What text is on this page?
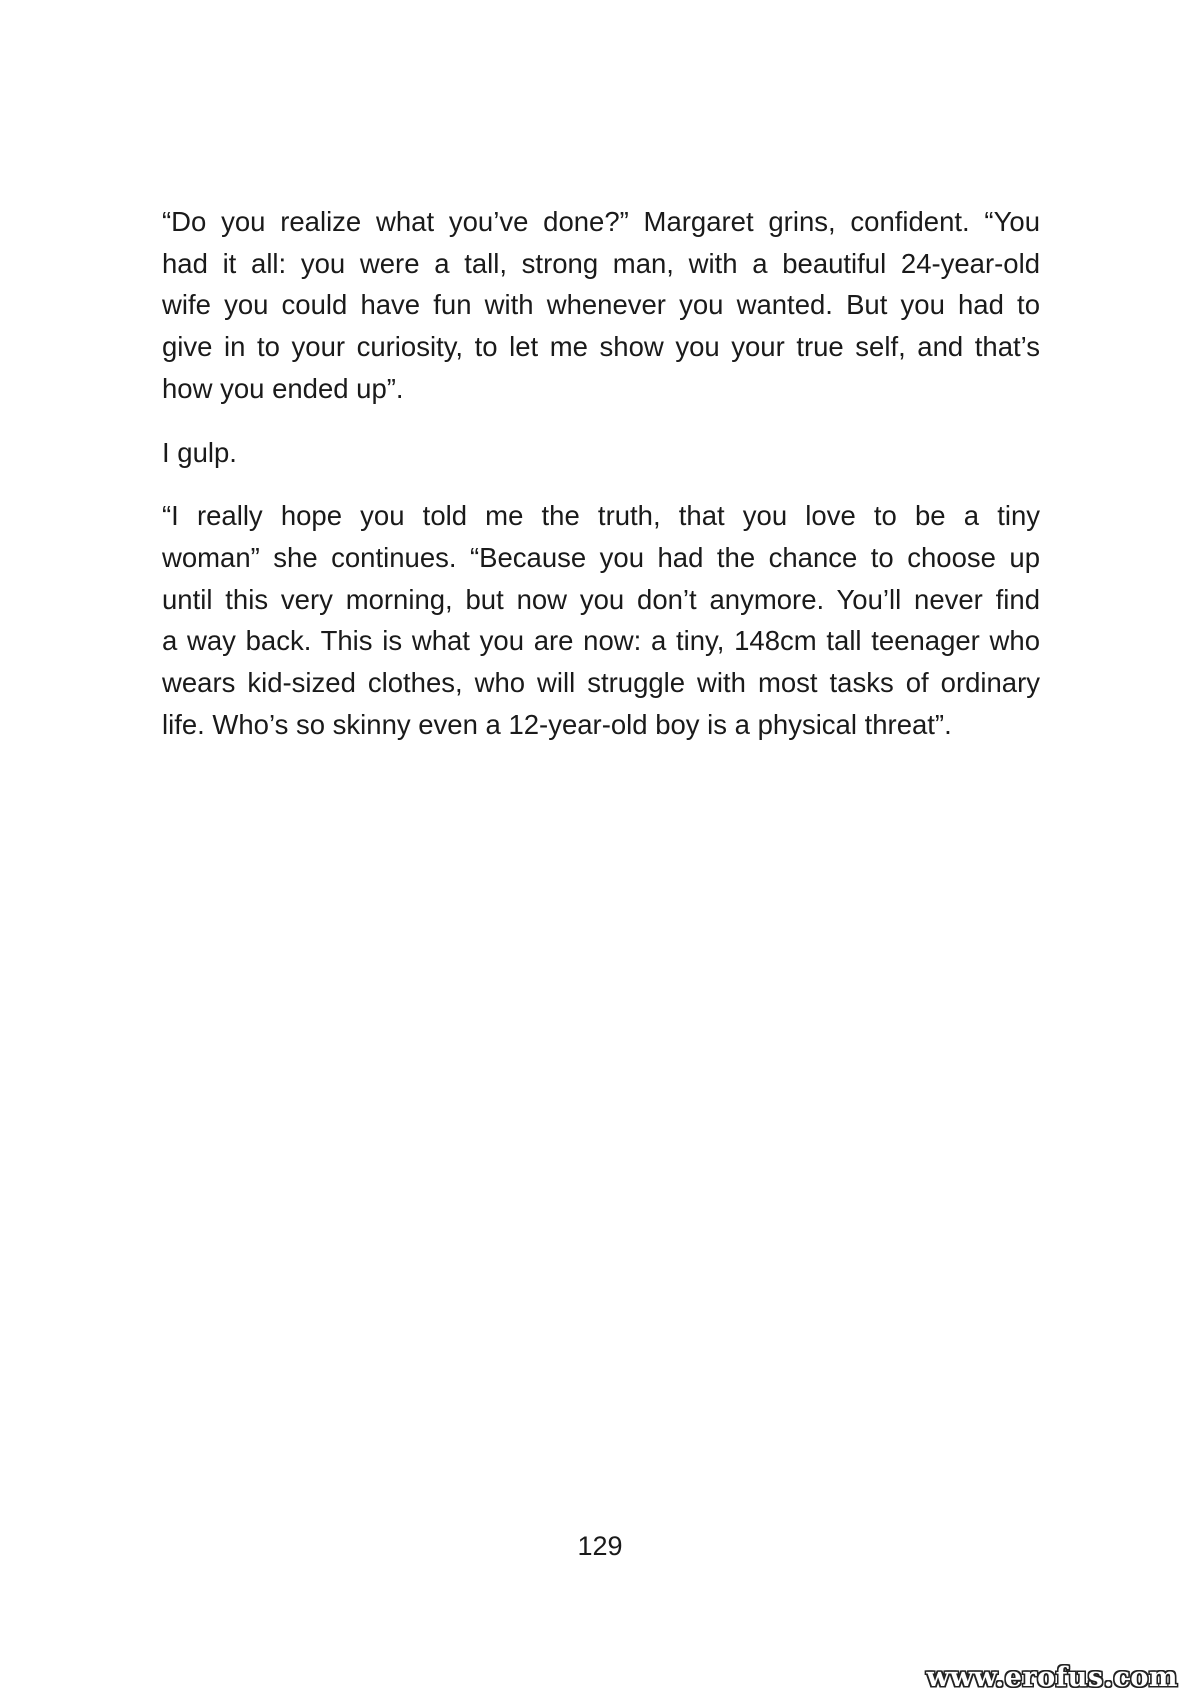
“Do you realize what you’ve done?” Margaret grins, confident. “You
had it all: you were a tall, strong man, with a beautiful 24-year-old
wife you could have fun with whenever you wanted. But you had to
give in to your curiosity, to let me show you your true self, and that’s
how you ended up”.

I gulp.

“I really hope you told me the truth, that you love to be a tiny
woman” she continues. “Because you had the chance to choose up
until this very morning, but now you don’t anymore. You’ll never find
a way back. This is what you are now: a tiny, 148cm tall teenager who
wears kid-sized clothes, who will struggle with most tasks of ordinary
life. Who’s so skinny even a 12-year-old boy is a physical threat”.

129
www.erofus.com
